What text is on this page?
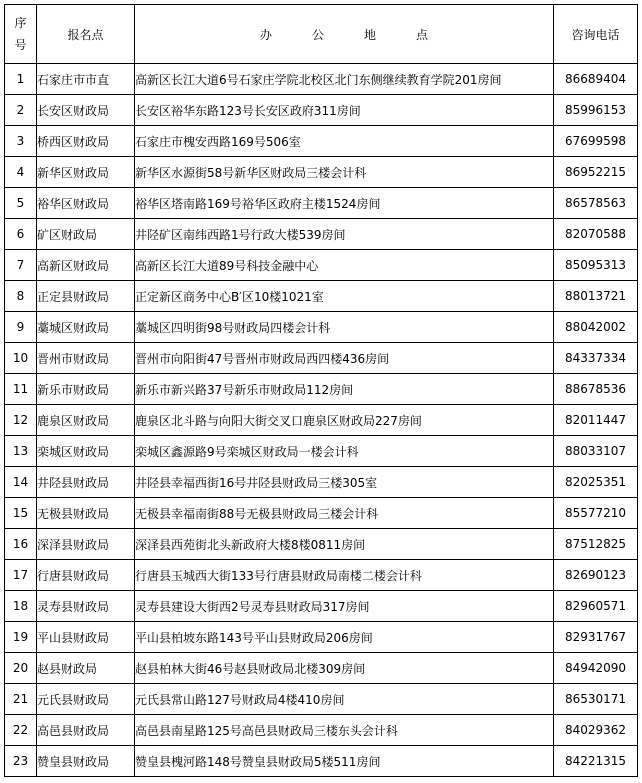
序
号	报名点	办 公 地 点	咨询电话
1	石家庄市市直	高新区长江大道6号石家庄学院北校区北门东侧继续教育学院201房间	86689404
2	长安区财政局	长安区裕华东路123号长安区政府311房间	85996153
3	桥西区财政局	石家庄市槐安西路169号506室	67699598
4	新华区财政局	新华区水源街58号新华区财政局三楼会计科	86952215
5	裕华区财政局	裕华区塔南路169号裕华区政府主楼1524房间	86578563
6	矿区财政局	井陉矿区南纬西路1号行政大楼539房间	82070588
7	高新区财政局	高新区长江大道89号科技金融中心	85095313
8	正定县财政局	正定新区商务中心B′区10楼1021室	88013721
9	藁城区财政局	藁城区四明街98号财政局四楼会计科	88042002
10	晋州市财政局	晋州市向阳街47号晋州市财政局西四楼436房间	84337334
11	新乐市财政局	新乐市新兴路37号新乐市财政局112房间	88678536
12	鹿泉区财政局	鹿泉区北斗路与向阳大街交叉口鹿泉区财政局227房间	82011447
13	栾城区财政局	栾城区鑫源路9号栾城区财政局一楼会计科	88033107
14	井陉县财政局	井陉县幸福西街16号井陉县财政局三楼305室	82025351
15	无极县财政局	无极县幸福南街88号无极县财政局三楼会计科	85577210
16	深泽县财政局	深泽县西苑街北头新政府大楼8楼0811房间	87512825
17	行唐县财政局	行唐县玉城西大街133号行唐县财政局南楼二楼会计科	82690123
18	灵寿县财政局	灵寿县建设大街西2号灵寿县财政局317房间	82960571
19	平山县财政局	平山县柏坡东路143号平山县财政局206房间	82931767
20	赵县财政局	赵县柏林大街46号赵县财政局北楼309房间	84942090
21	元氏县财政局	元氏县常山路127号财政局4楼410房间	86530171
22	高邑县财政局	高邑县南星路125号高邑县财政局三楼东头会计科	84029362
23	赞皇县财政局	赞皇县槐河路148号赞皇县财政局5楼511房间	84221315
